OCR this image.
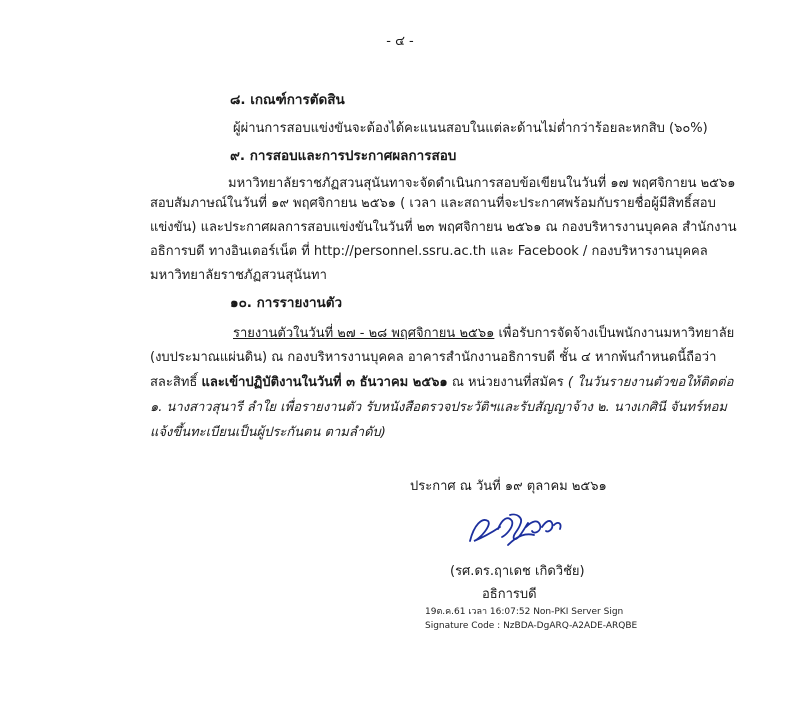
- ๔ -
๘. เกณฑ์การตัดสิน
ผู้ผ่านการสอบแข่งขันจะต้องได้คะแนนสอบในแต่ละด้านไม่ต่ำกว่าร้อยละหกสิบ (๖๐%)
๙. การสอบและการประกาศผลการสอบ
มหาวิทยาลัยราชภัฏสวนสุนันทาจะจัดดำเนินการสอบข้อเขียนในวันที่ ๑๗ พฤศจิกายน ๒๕๖๑
สอบสัมภาษณ์ในวันที่ ๑๙ พฤศจิกายน ๒๕๖๑ ( เวลา และสถานที่จะประกาศพร้อมกับรายชื่อผู้มีสิทธิ์สอบ
แข่งขัน) และประกาศผลการสอบแข่งขันในวันที่ ๒๓ พฤศจิกายน ๒๕๖๑ ณ กองบริหารงานบุคคล สำนักงาน
อธิการบดี ทางอินเตอร์เน็ต ที่ http://personnel.ssru.ac.th และ Facebook / กองบริหารงานบุคคล
มหาวิทยาลัยราชภัฏสวนสุนันทา
๑๐. การรายงานตัว
รายงานตัวในวันที่ ๒๗ - ๒๘ พฤศจิกายน ๒๕๖๑ เพื่อรับการจัดจ้างเป็นพนักงานมหาวิทยาลัย
(งบประมาณแผ่นดิน) ณ กองบริหารงานบุคคล อาคารสำนักงานอธิการบดี ชั้น ๔ หากพ้นกำหนดนี้ถือว่า
สละสิทธิ์ และเข้าปฏิบัติงานในวันที่ ๓ ธันวาคม ๒๕๖๑ ณ หน่วยงานที่สมัคร ( ในวันรายงานตัวขอให้ติดต่อ
๑. นางสาวสุนารี ลำใย เพื่อรายงานตัว รับหนังสือตรวจประวัติฯและรับสัญญาจ้าง ๒. นางเกศินี จันทร์หอม
แจ้งขึ้นทะเบียนเป็นผู้ประกันตน ตามลำดับ)
ประกาศ ณ วันที่ ๑๙ ตุลาคม ๒๕๖๑
(รศ.ดร.ฤาเดช เกิดวิชัย)
อธิการบดี
19ต.ค.61 เวลา 16:07:52 Non-PKI Server Sign
Signature Code : NzBDA-DgARQ-A2ADE-ARQBE
